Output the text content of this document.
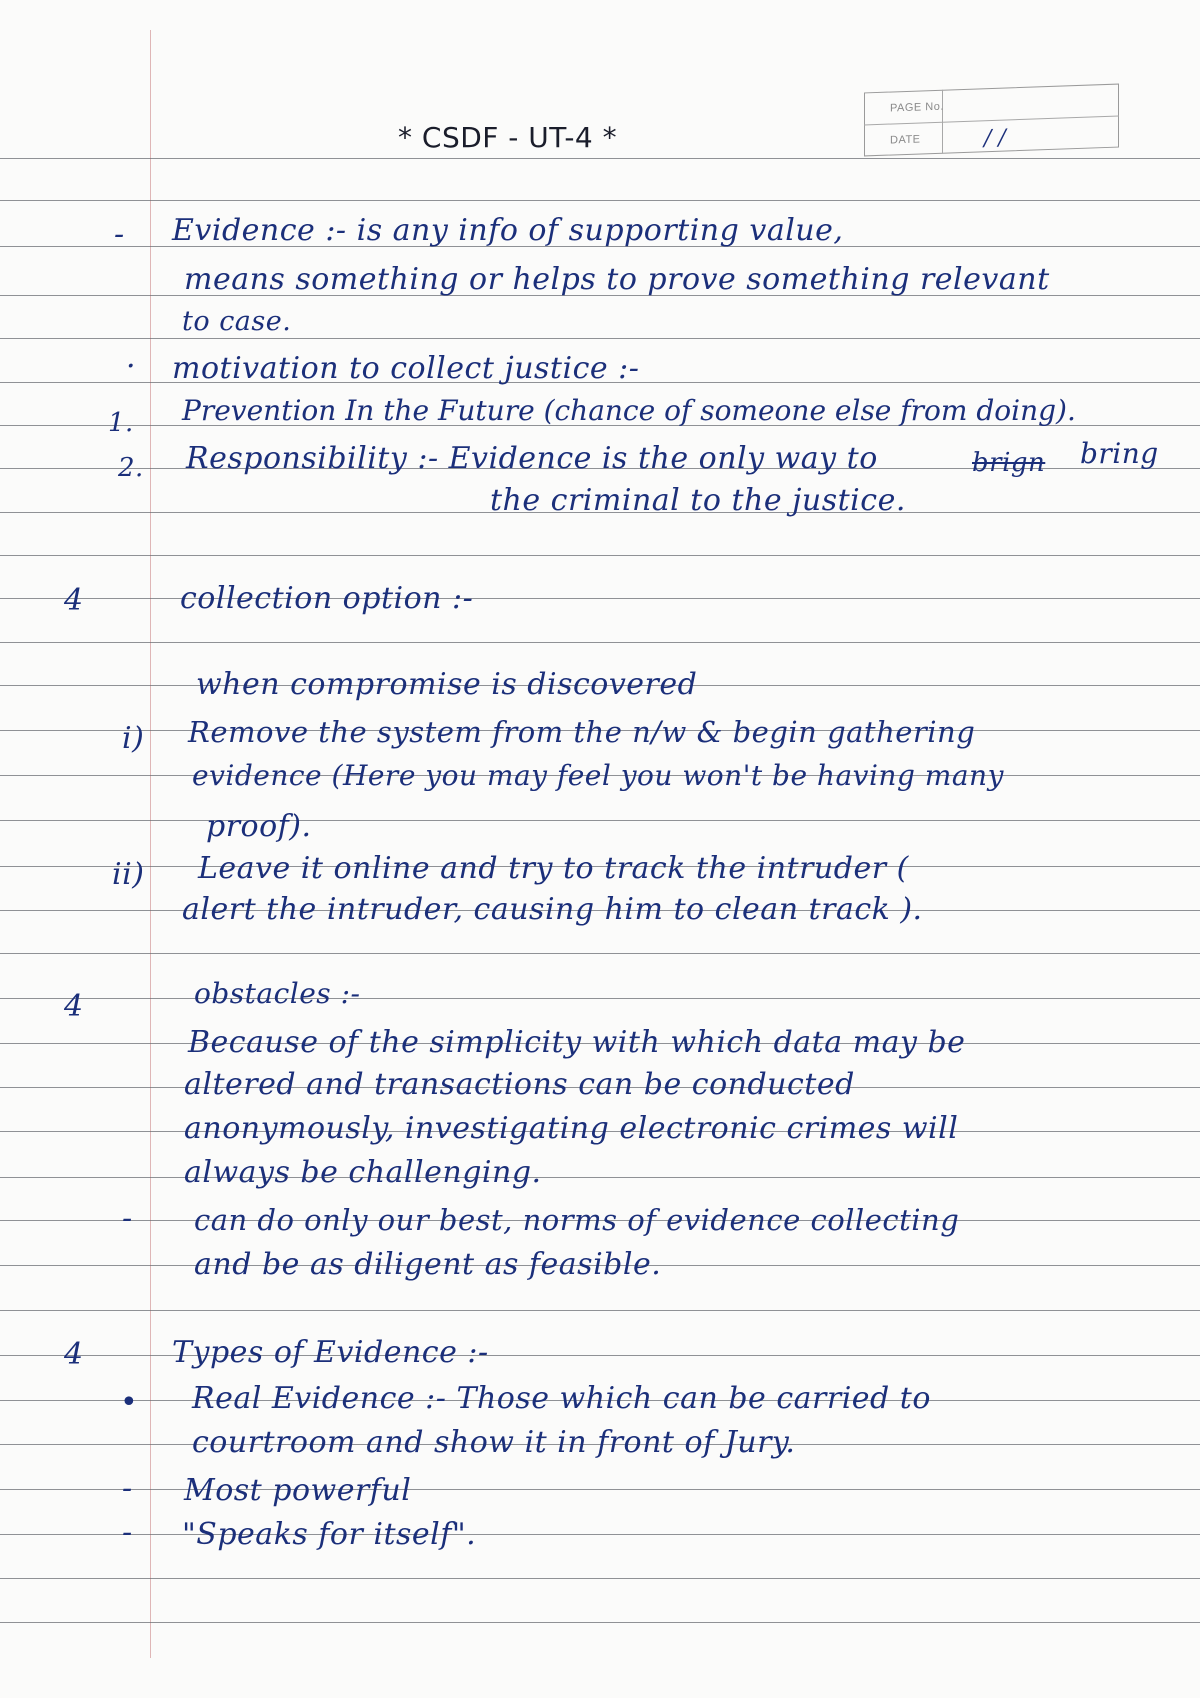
PAGE No.
DATE	/ /
* CSDF - UT-4 *
- Evidence :- is any info of supporting value,
means something or helps to prove something relevant
to case.
· motivation to collect justice :-
1. Prevention In the Future (chance of someone else from doing).
2. Responsibility :- Evidence is the only way to	brign bring
the criminal to the justice.
4	collection option :-
when compromise is discovered
i) Remove the system from the n/w & begin gathering
evidence (Here you may feel you won't be having many
proof).
ii) Leave it online and try to track the intruder (
alert the intruder, causing him to clean track ).
4	obstacles :-
Because of the simplicity with which data may be
altered and transactions can be conducted
anonymously, investigating electronic crimes will
always be challenging.
- can do only our best, norms of evidence collecting
and be as diligent as feasible.
4	Types of Evidence :-
• Real Evidence :- Those which can be carried to
courtroom and show it in front of Jury.
- Most powerful
- "Speaks for itself".
